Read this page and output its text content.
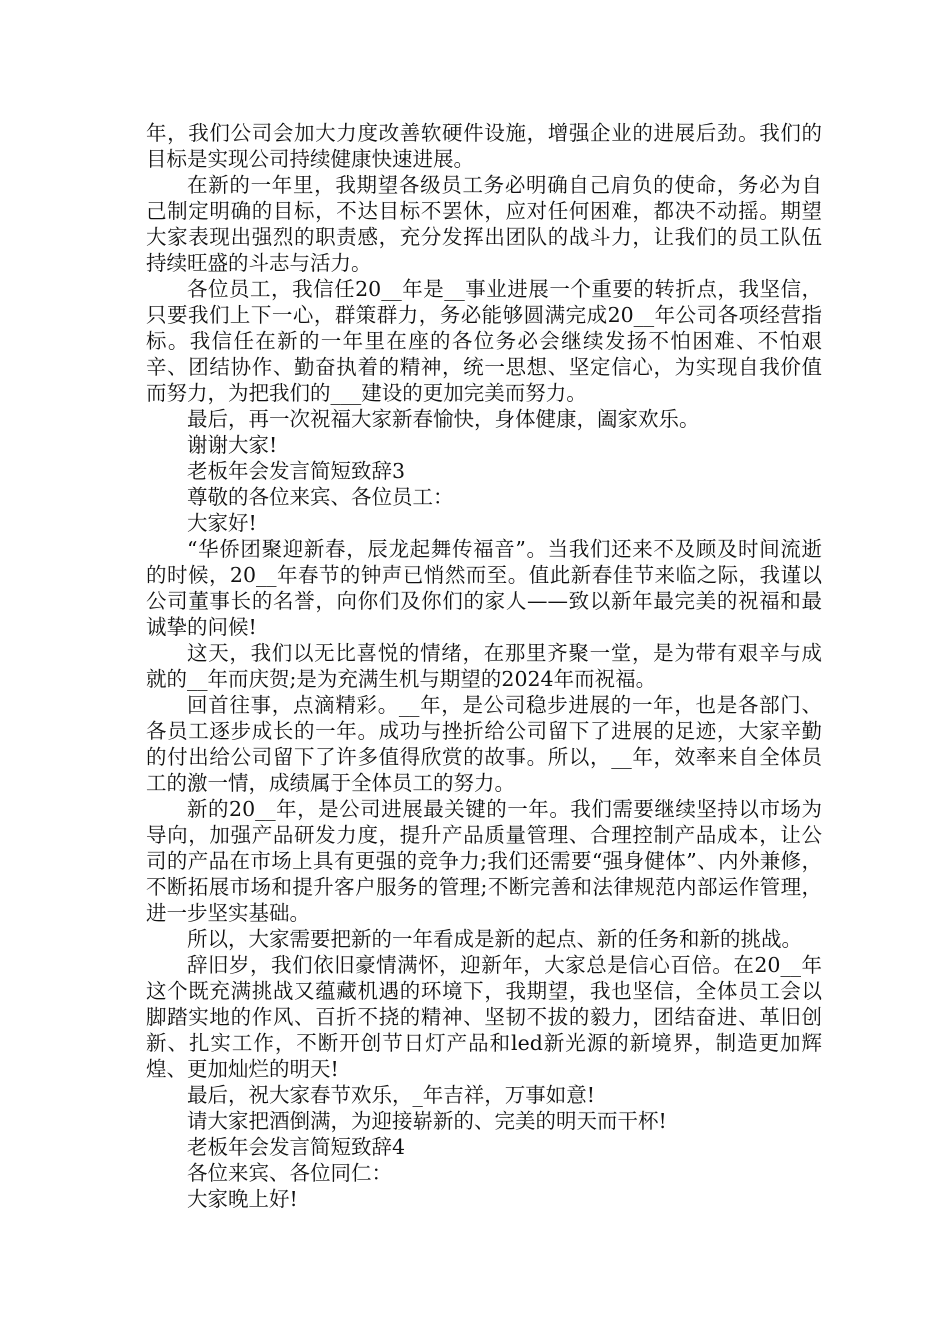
年，我们公司会加大力度改善软硬件设施，增强企业的进展后劲。我们的目标是实现公司持续健康快速进展。

在新的一年里，我期望各级员工务必明确自己肩负的使命，务必为自己制定明确的目标，不达目标不罢休，应对任何困难，都决不动摇。期望大家表现出强烈的职责感，充分发挥出团队的战斗力，让我们的员工队伍持续旺盛的斗志与活力。

各位员工，我信任20__年是__事业进展一个重要的转折点，我坚信，只要我们上下一心，群策群力，务必能够圆满完成20__年公司各项经营指标。我信任在新的一年里在座的各位务必会继续发扬不怕困难、不怕艰辛、团结协作、勤奋执着的精神，统一思想、坚定信心，为实现自我价值而努力，为把我们的___建设的更加完美而努力。

最后，再一次祝福大家新春愉快，身体健康，阖家欢乐。

谢谢大家!

老板年会发言简短致辞3

尊敬的各位来宾、各位员工：

大家好!

“华侨团聚迎新春，辰龙起舞传福音”。当我们还来不及顾及时间流逝的时候，20__年春节的钟声已悄然而至。值此新春佳节来临之际，我谨以公司董事长的名誉，向你们及你们的家人——致以新年最完美的祝福和最诚挚的问候!

这天，我们以无比喜悦的情绪，在那里齐聚一堂，是为带有艰辛与成就的__年而庆贺;是为充满生机与期望的2024年而祝福。

回首往事，点滴精彩。__年，是公司稳步进展的一年，也是各部门、各员工逐步成长的一年。成功与挫折给公司留下了进展的足迹，大家辛勤的付出给公司留下了许多值得欣赏的故事。所以，__年，效率来自全体员工的激一情，成绩属于全体员工的努力。

新的20__年，是公司进展最关键的一年。我们需要继续坚持以市场为导向，加强产品研发力度，提升产品质量管理、合理控制产品成本，让公司的产品在市场上具有更强的竞争力;我们还需要“强身健体”、内外兼修，不断拓展市场和提升客户服务的管理;不断完善和法律规范内部运作管理，进一步坚实基础。

所以，大家需要把新的一年看成是新的起点、新的任务和新的挑战。

辞旧岁，我们依旧豪情满怀，迎新年，大家总是信心百倍。在20__年这个既充满挑战又蕴藏机遇的环境下，我期望，我也坚信，全体员工会以脚踏实地的作风、百折不挠的精神、坚韧不拔的毅力，团结奋进、革旧创新、扎实工作，不断开创节日灯产品和led新光源的新境界，制造更加辉煌、更加灿烂的明天!

最后，祝大家春节欢乐，_年吉祥，万事如意!

请大家把酒倒满，为迎接崭新的、完美的明天而干杯!

老板年会发言简短致辞4

各位来宾、各位同仁：

大家晚上好!
